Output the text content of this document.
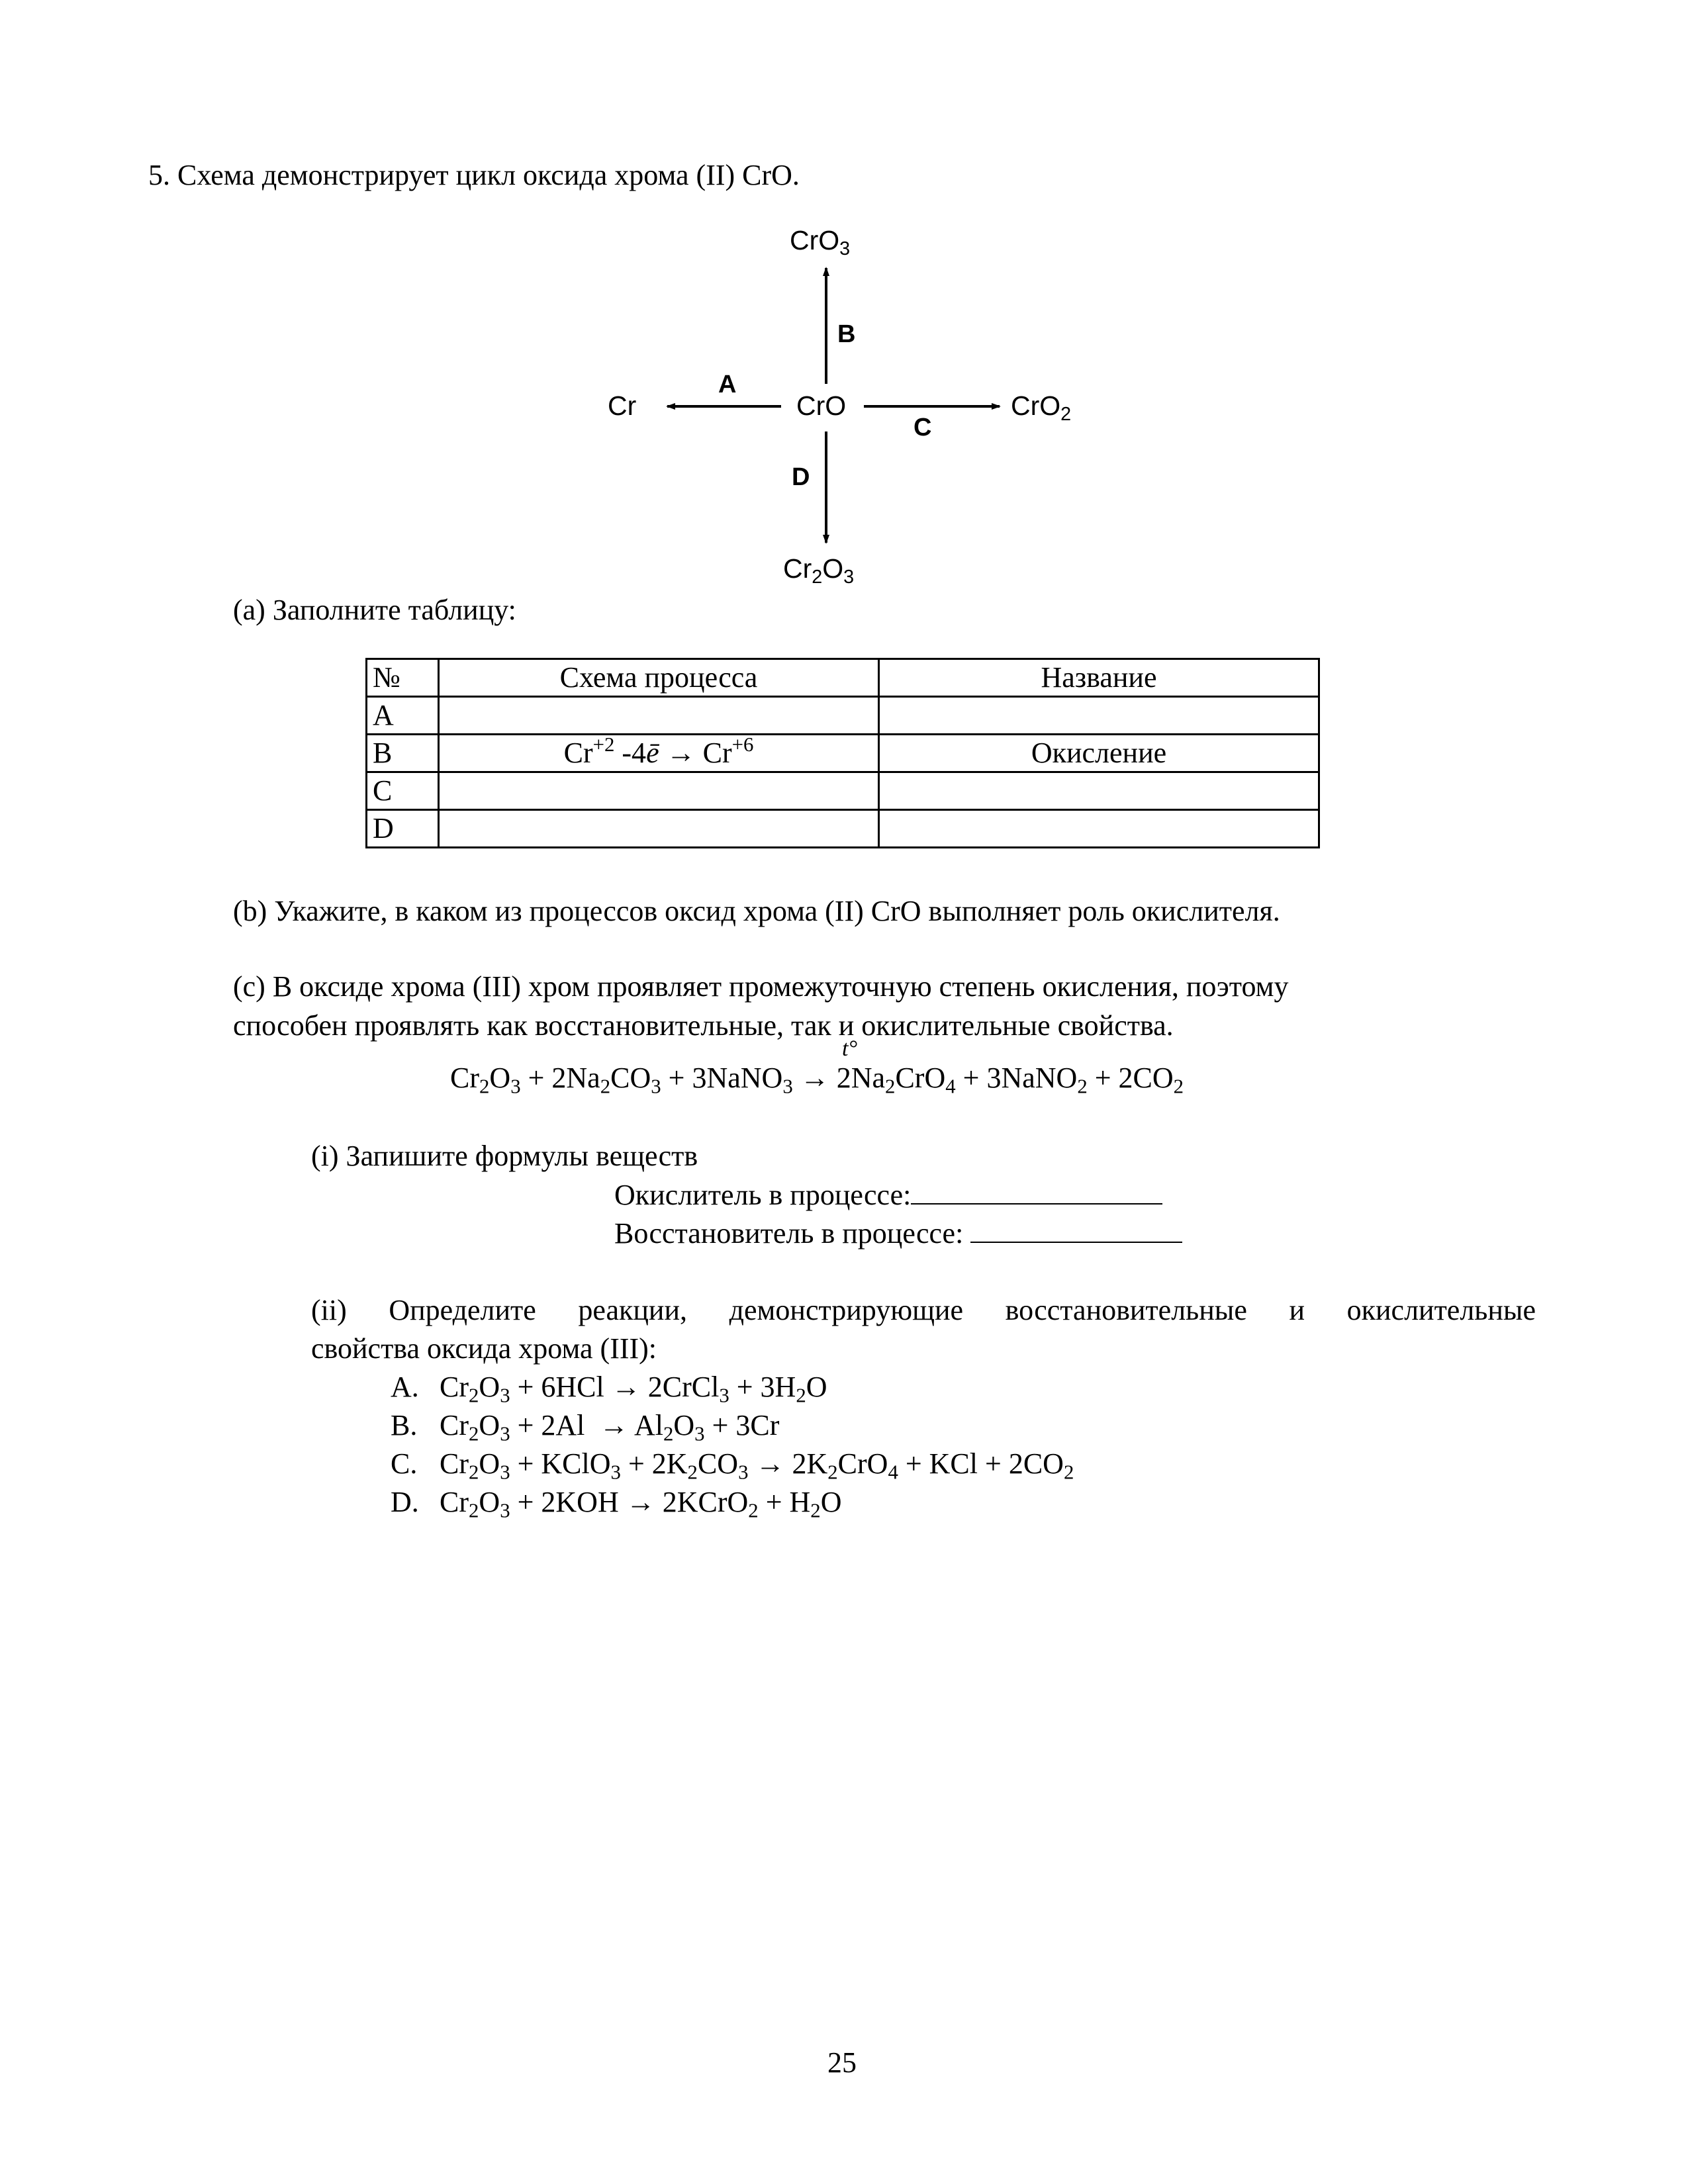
5. Схема демонстрирует цикл оксида хрома (II) CrO.
CrO$_3$
Cr	CrO	CrO$_2$
$Cr_2O_3$
B
A
C
D
(a) Заполните таблицу:
№	Схема процесса	Название
A		
B	$Cr^{+2}$ -4ē → $Cr^{+6}$	Окисление
C		
D		
(b) Укажите, в каком из процессов оксид хрома (II) CrO выполняет роль окислителя.
(c) В оксиде хрома (III) хром проявляет промежуточную степень окисления, поэтому
способен проявлять как восстановительные, так и окислительные свойства.
t°
$Cr_2O_3 + 2Na_2CO_3$ + 3NaNO$_3$ → $2Na_2CrO_4$ + 3NaNO$_2$ + $2CO_2$
(i) Запишите формулы веществ
Окислитель в процессе:
Восстановитель в процессе:
(ii) Определите реакции, демонстрирующие восстановительные и окислительные
свойства оксида хрома (III):
A. $Cr_2O_3 + 6HCl$ → 2CrCl$_3$ + $3H_2O$
B. $Cr_2O_3 + 2Al \to Al_2O_3 + 3Cr$
C. $Cr_2O_3$ + KClO$_3$ + $2K_2CO_3 \to 2K_2CrO_4$ + KCl + $2CO_2$
D. $Cr_2O_3 + 2KOH$ → 2KCrO$_2$ + $H_2O$
25
